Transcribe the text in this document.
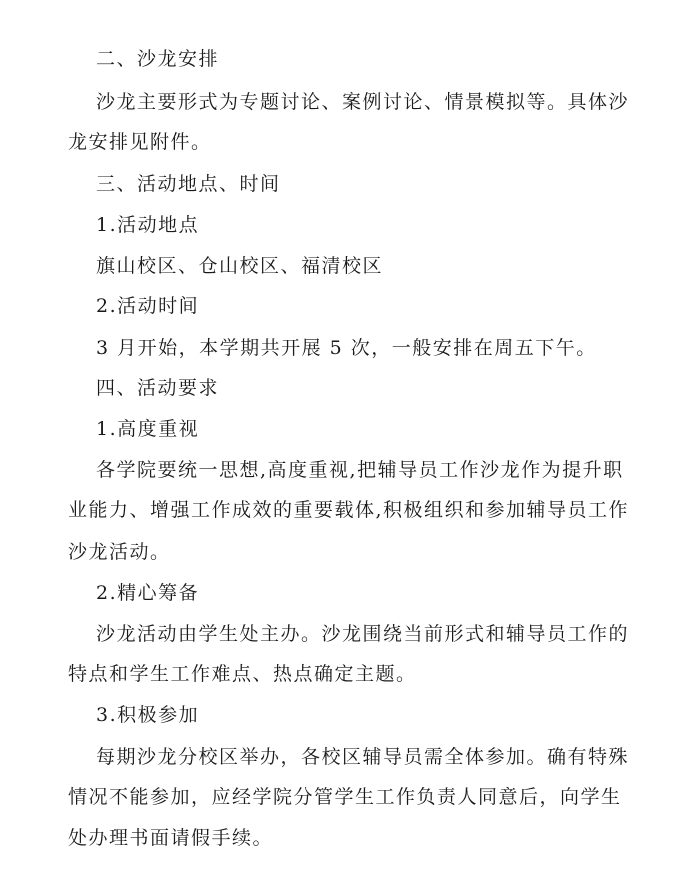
二、沙龙安排
沙龙主要形式为专题讨论、案例讨论、情景模拟等。具体沙
龙安排见附件。
三、活动地点、时间
1.活动地点
旗山校区、仓山校区、福清校区
2.活动时间
3 月开始，本学期共开展 5 次，一般安排在周五下午。
四、活动要求
1.高度重视
各学院要统一思想,高度重视,把辅导员工作沙龙作为提升职
业能力、增强工作成效的重要载体,积极组织和参加辅导员工作
沙龙活动。
2.精心筹备
沙龙活动由学生处主办。沙龙围绕当前形式和辅导员工作的
特点和学生工作难点、热点确定主题。
3.积极参加
每期沙龙分校区举办，各校区辅导员需全体参加。确有特殊
情况不能参加，应经学院分管学生工作负责人同意后，向学生
处办理书面请假手续。
